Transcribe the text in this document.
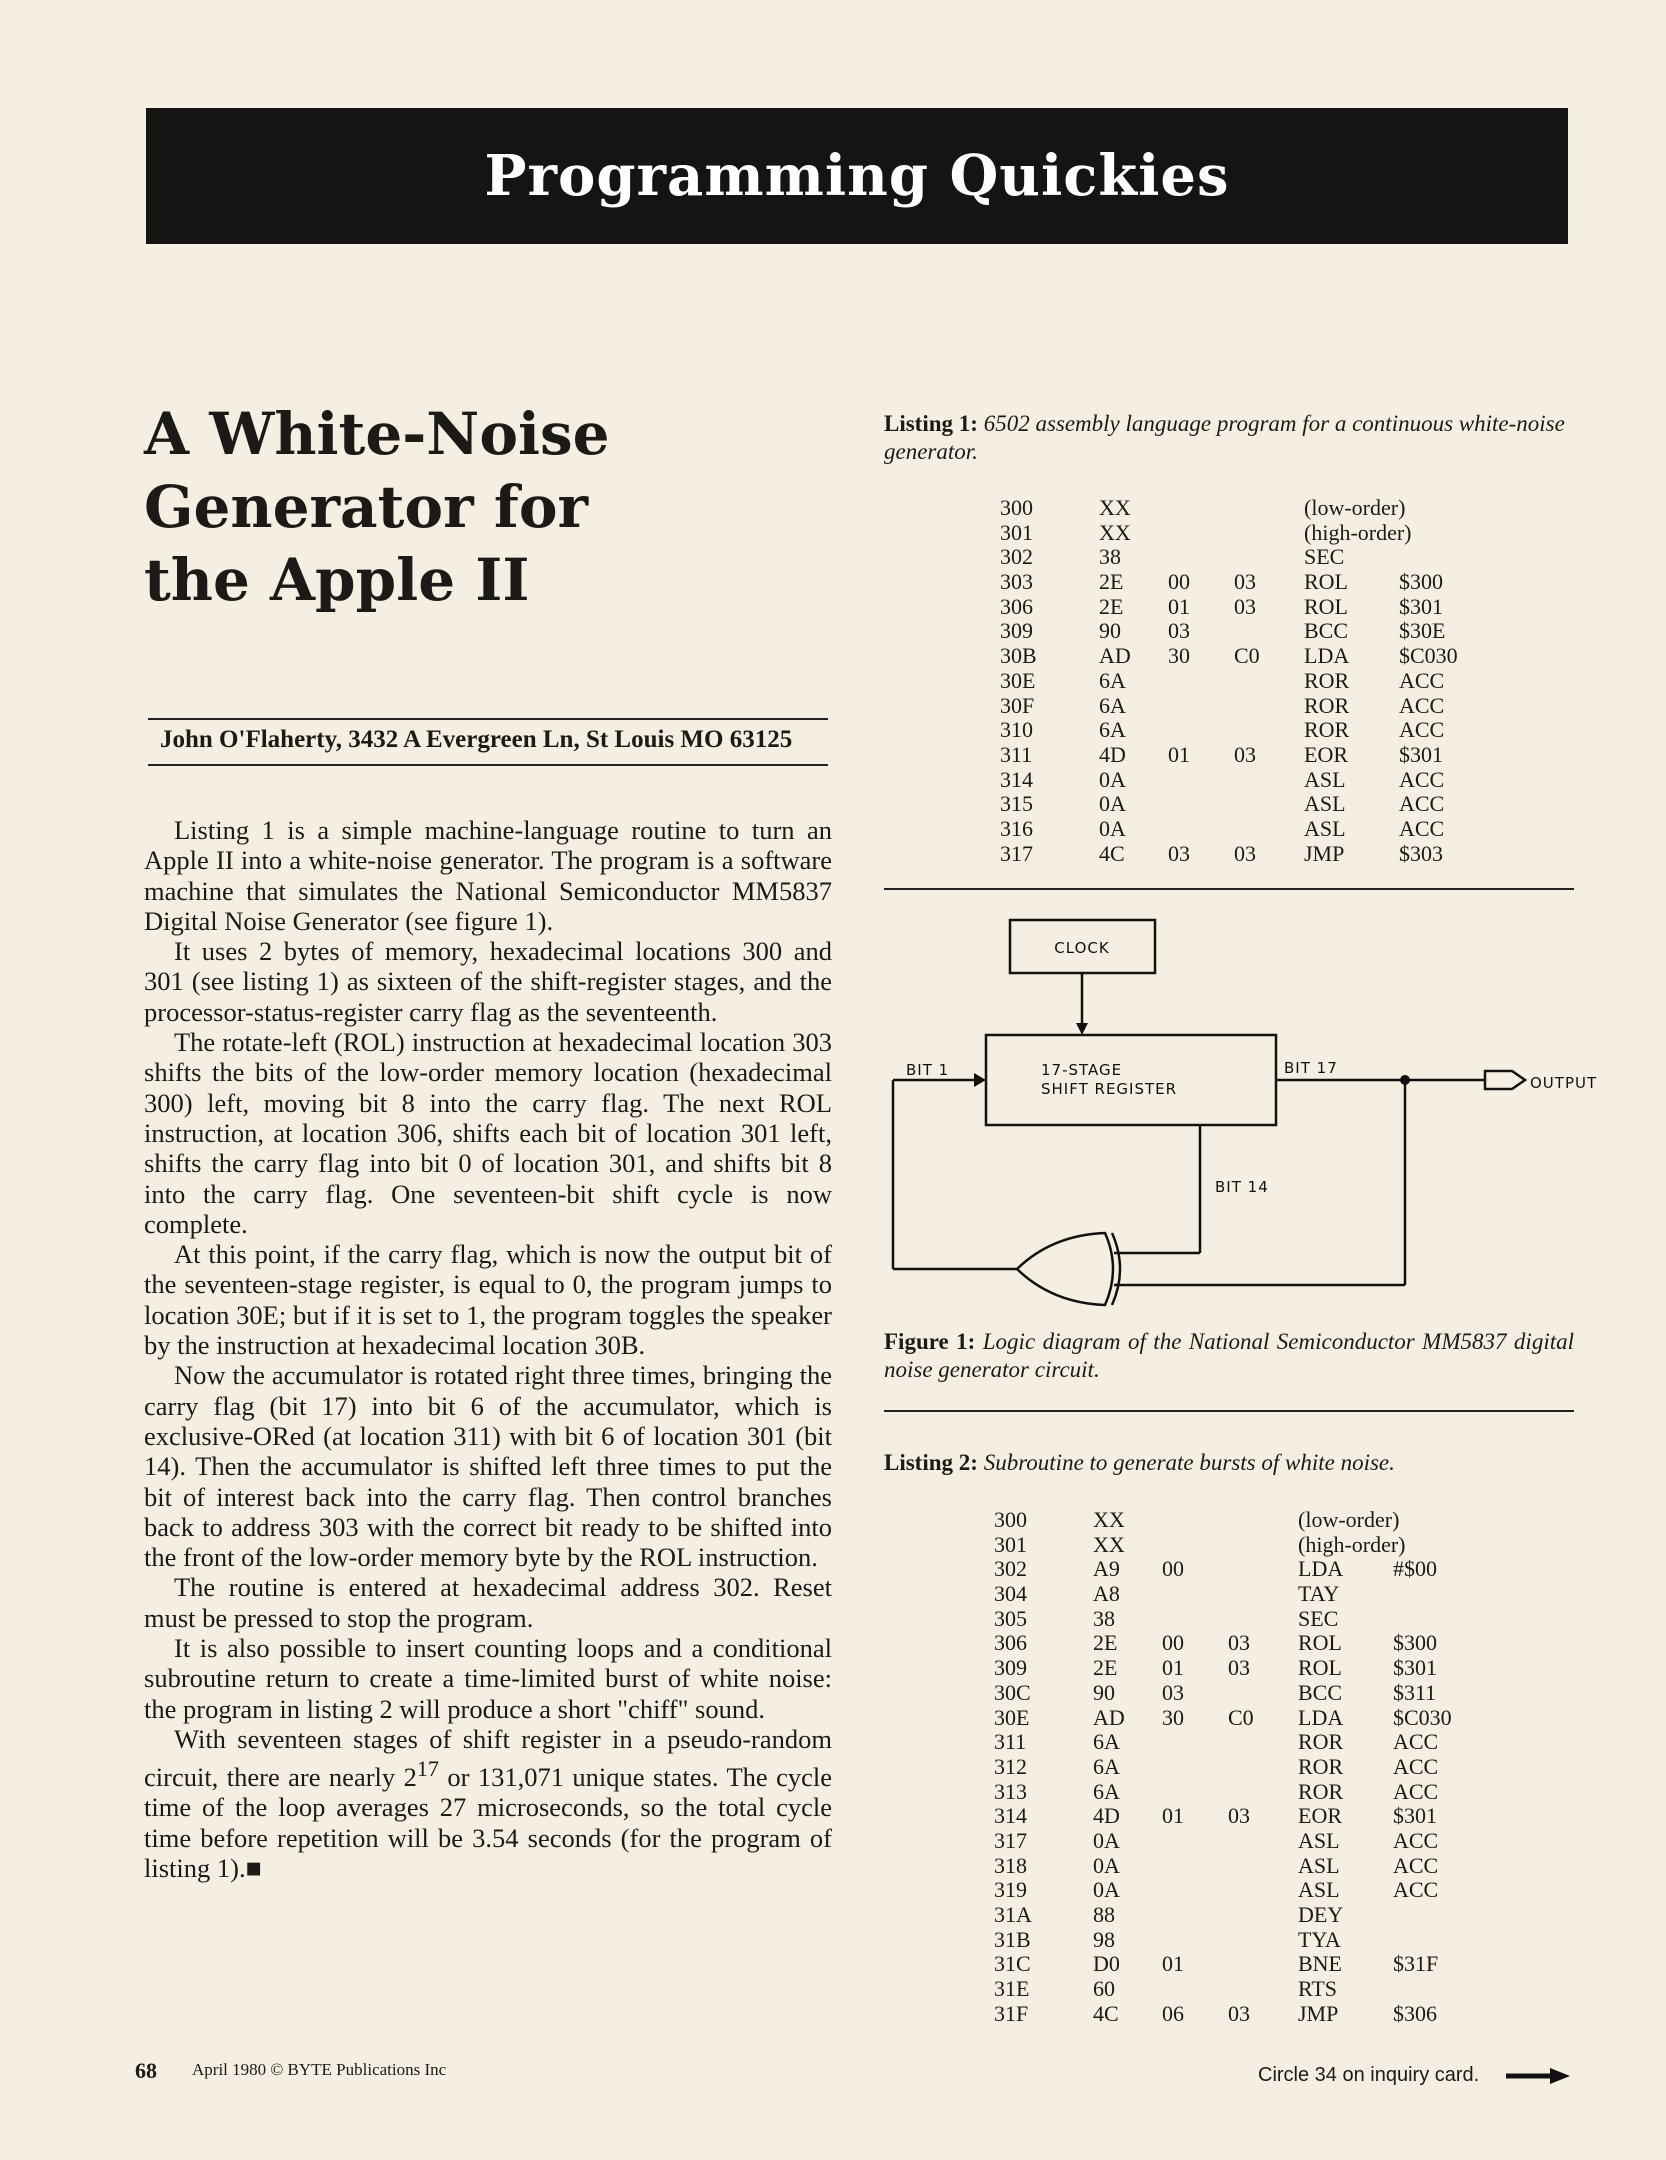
Programming Quickies
A White-Noise Generator for the Apple II
John O'Flaherty, 3432 A Evergreen Ln, St Louis MO 63125

Listing 1 is a simple machine-language routine to turn an Apple II into a white-noise generator. The program is a software machine that simulates the National Semiconductor MM5837 Digital Noise Generator (see figure 1).

It uses 2 bytes of memory, hexadecimal locations 300 and 301 (see listing 1) as sixteen of the shift-register stages, and the processor-status-register carry flag as the seventeenth.

The rotate-left (ROL) instruction at hexadecimal location 303 shifts the bits of the low-order memory location (hexadecimal 300) left, moving bit 8 into the carry flag. The next ROL instruction, at location 306, shifts each bit of location 301 left, shifts the carry flag into bit 0 of location 301, and shifts bit 8 into the carry flag. One seventeen-bit shift cycle is now complete.

At this point, if the carry flag, which is now the output bit of the seventeen-stage register, is equal to 0, the program jumps to location 30E; but if it is set to 1, the program toggles the speaker by the instruction at hexadecimal location 30B.

Now the accumulator is rotated right three times, bringing the carry flag (bit 17) into bit 6 of the accumulator, which is exclusive-ORed (at location 311) with bit 6 of location 301 (bit 14). Then the accumulator is shifted left three times to put the bit of interest back into the carry flag. Then control branches back to address 303 with the correct bit ready to be shifted into the front of the low-order memory byte by the ROL instruction.

The routine is entered at hexadecimal address 302. Reset must be pressed to stop the program.

It is also possible to insert counting loops and a conditional subroutine return to create a time-limited burst of white noise: the program in listing 2 will produce a short "chiff" sound.

With seventeen stages of shift register in a pseudo-random circuit, there are nearly $2^{17}$ or 131,071 unique states. The cycle time of the loop averages 27 microseconds, so the total cycle time before repetition will be 3.54 seconds (for the program of listing 1).■

Listing 1: 6502 assembly language program for a continuous white-noise generator.
300	XX	(low-order)
301	XX	(high-order)
302	38	SEC
303	2E 00 03 ROL $300
306	2E 01 03 ROL $301
309	90 03	BCC $30E
30B	AD 30 C0 LDA $C030
30E	6A	ROR ACC
30F	6A	ROR ACC
310	6A	ROR ACC
311	4D 01 03 EOR $301
314	0A	ASL ACC
315	0A	ASL ACC
316	0A	ASL ACC
317	4C 03 03 JMP $303
CLOCK
17-STAGE
SHIFT REGISTER
BIT 1	BIT 17
BIT 14
OUTPUT
Figure 1: Logic diagram of the National Semiconductor MM5837 digital noise generator circuit.
Listing 2: Subroutine to generate bursts of white noise.
300	XX	(low-order)
301	XX	(high-order)
302	A9 00	LDA #$00
304	A8	TAY
305	38	SEC
306	2E 00 03 ROL $300
309	2E 01 03 ROL $301
30C	90 03	BCC $311
30E	AD 30 C0 LDA $C030
311	6A	ROR ACC
312	6A	ROR ACC
313	6A	ROR ACC
314	4D 01 03 EOR $301
317	0A	ASL ACC
318	0A	ASL ACC
319	0A	ASL ACC
31A	88	DEY
31B	98	TYA
31C	D0 01	BNE $31F
31E	60	RTS
31F	4C 06 03 JMP $306
68 April 1980 © BYTE Publications Inc	Circle 34 on inquiry card.
